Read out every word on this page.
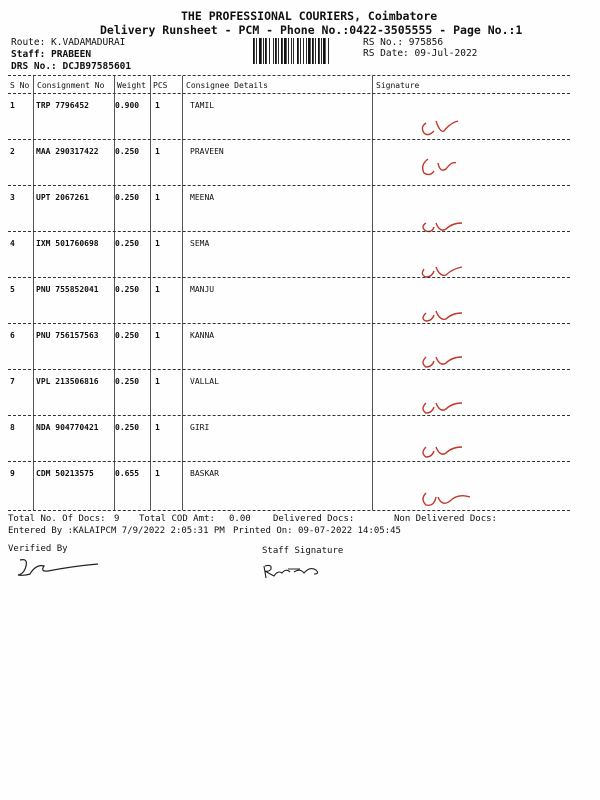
THE PROFESSIONAL COURIERS, Coimbatore
Delivery Runsheet - PCM - Phone No.:0422-3505555 - Page No.:1
Route: K.VADAMADURAI
Staff: PRABEEN
DRS No.: DCJB97585601
RS No.: 975856
RS Date: 09-Jul-2022
S No Consignment No Weight PCS Consignee Details	Signature
1	TRP 7796452	0.900 1	TAMIL
2	MAA 290317422 0.250 1	PRAVEEN
3	UPT 2067261	0.250 1	MEENA
4	IXM 501760698 0.250 1	SEMA
5	PNU 755852041 0.250 1	MANJU
6	PNU 756157563 0.250 1	KANNA
7	VPL 213506816 0.250 1	VALLAL
8	NDA 904770421 0.250 1	GIRI
9	CDM 50213575	0.655 1	BASKAR
Total No. Of Docs: 9 Total COD Amt: 0.00 Delivered Docs:	Non Delivered Docs:
Entered By :KALAIPCM 7/9/2022 2:05:31 PM Printed On: 09-07-2022 14:05:45
Verified By	Staff Signature
